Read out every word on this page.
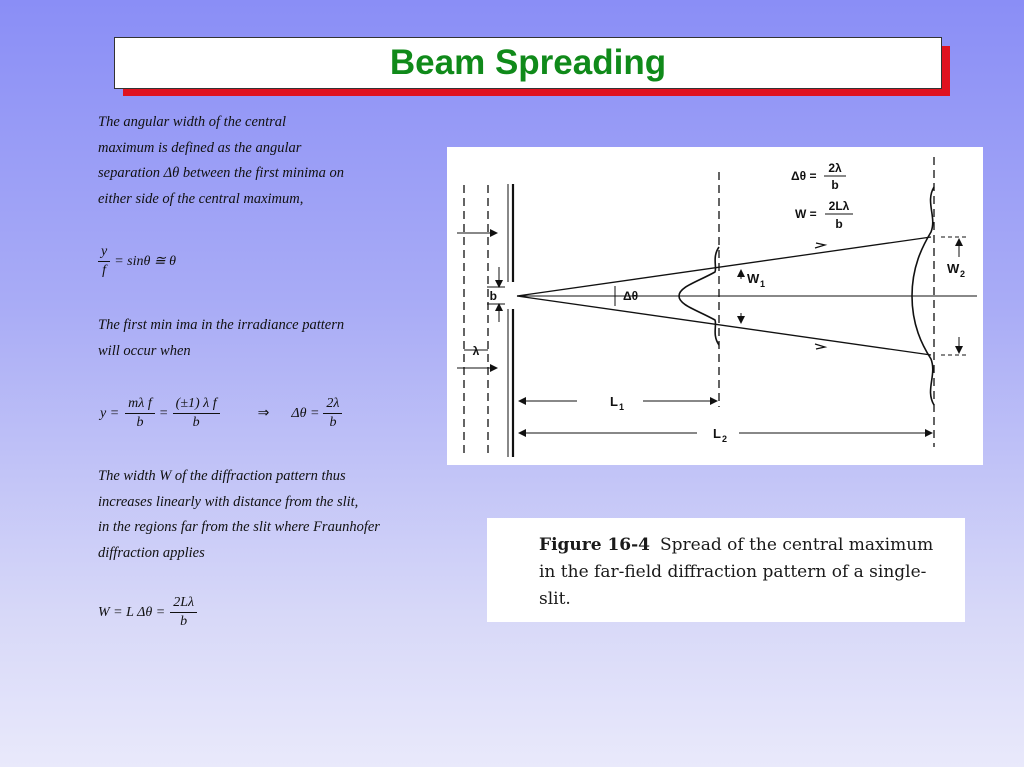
Beam Spreading
The angular width of the central
maximum is defined as the angular
separation Δθ between the first minima on
either side of the central maximum,
$\frac{y}{f} = \sin\theta$ ≅ θ
The first min ima in the irradiance pattern
will occur when
$y = \frac{\text{mλ f}}{b} = \frac{\text{(±1) λ f}}{b}$	⇒ $\Delta\theta = \frac{2\lambda}{b}$
The width W of the diffraction pattern thus
increases linearly with distance from the slit,
in the regions far from the slit where Fraunhofer
diffraction applies
W = L $\Delta\theta = \frac{2L\lambda}{b}$
λ
b	Δθ
W 1
W 2
L 1
L 2
Δθ =
2λ
b
W =
2Lλ
b
Figure 16-4 Spread of the central maximum
in the far-field diffraction pattern of a single-
slit.
